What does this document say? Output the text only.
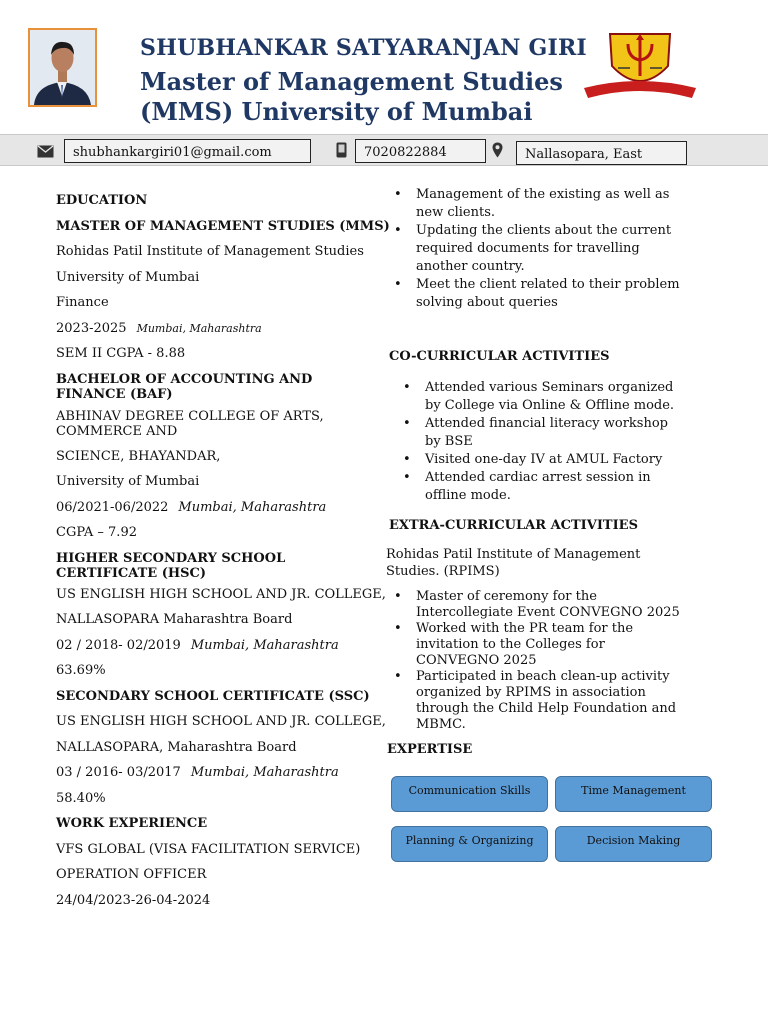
SHUBHANKAR SATYARANJAN GIRI
Master of Management Studies
(MMS) University of Mumbai
shubhankargiri01@gmail.com	7020822884	Nallasopara, East
EDUCATION
MASTER OF MANAGEMENT STUDIES (MMS)
Rohidas Patil Institute of Management Studies
University of Mumbai
Finance
2023-2025 Mumbai, Maharashtra
SEM II CGPA - 8.88
BACHELOR OF ACCOUNTING AND FINANCE (BAF)
ABHINAV DEGREE COLLEGE OF ARTS, COMMERCE AND
SCIENCE, BHAYANDAR,
University of Mumbai
06/2021-06/2022 Mumbai, Maharashtra
CGPA – 7.92
HIGHER SECONDARY SCHOOL CERTIFICATE (HSC)
US ENGLISH HIGH SCHOOL AND JR. COLLEGE,
NALLASOPARA Maharashtra Board
02 / 2018- 02/2019 Mumbai, Maharashtra
63.69%
SECONDARY SCHOOL CERTIFICATE (SSC)
US ENGLISH HIGH SCHOOL AND JR. COLLEGE,
NALLASOPARA, Maharashtra Board
03 / 2016- 03/2017 Mumbai, Maharashtra
58.40%
WORK EXPERIENCE
VFS GLOBAL (VISA FACILITATION SERVICE)
OPERATION OFFICER
24/04/2023-26-04-2024
• Management of the existing as well as new clients.
• Updating the clients about the current required documents for travelling another country.
• Meet the client related to their problem solving about queries
CO-CURRICULAR ACTIVITIES
• Attended various Seminars organized by College via Online & Offline mode.
• Attended financial literacy workshop by BSE
• Visited one-day IV at AMUL Factory
• Attended cardiac arrest session in offline mode.
EXTRA-CURRICULAR ACTIVITIES
Rohidas Patil Institute of Management Studies. (RPIMS)
• Master of ceremony for the Intercollegiate Event CONVEGNO 2025
• Worked with the PR team for the invitation to the Colleges for CONVEGNO 2025
• Participated in beach clean-up activity organized by RPIMS in association through the Child Help Foundation and MBMC.
EXPERTISE
Communication Skills	Time Management
Planning & Organizing	Decision Making
